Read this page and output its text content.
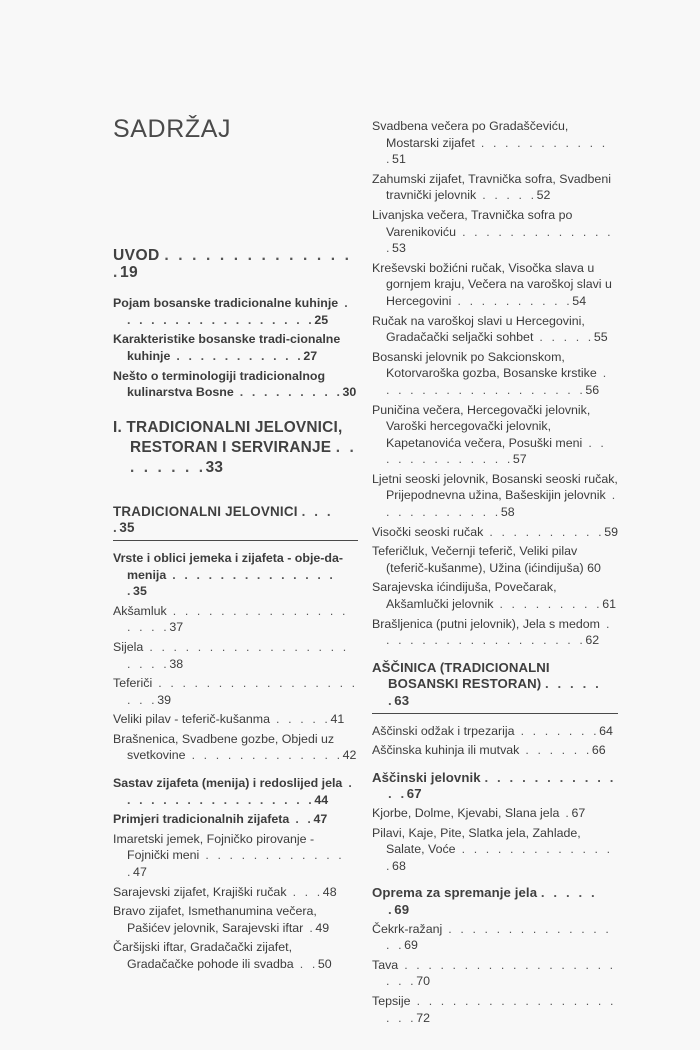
SADRŽAJ
UVOD . . . . . . . . . . . . . . .19
Pojam bosanske tradicionalne kuhinje . . . . . . . . . . . . . . . . .25
Karakteristike bosanske tradi-cionalne kuhinje . . . . . . . . . . .27
Nešto o terminologiji tradicionalnog kulinarstva Bosne . . . . . . . . .30
I. TRADICIONALNI JELOVNICI, RESTORAN I SERVIRANJE . . . . . . . .33
TRADICIONALNI JELOVNICI . . . .35
Vrste i oblici jemeka i zijafeta - obje-da-menija . . . . . . . . . . . . . . .35
Akšamluk . . . . . . . . . . . . . . . . . . .37
Sijela . . . . . . . . . . . . . . . . . . . . .38
Teferiči . . . . . . . . . . . . . . . . . . . .39
Veliki pilav - teferič-kušanma . . . . .41
Brašnenica, Svadbene gozbe, Objedi uz svetkovine . . . . . . . . . . . . .42
Sastav zijafeta (menija) i redoslijed jela . . . . . . . . . . . . . . . . .44
Primjeri tradicionalnih zijafeta . .47
Imaretski jemek, Fojničko pirovanje - Fojnički meni . . . . . . . . . . . . .47
Sarajevski zijafet, Krajiški ručak . . .48
Bravo zijafet, Ismethanumina večera, Pašićev jelovnik, Sarajevski iftar .49
Čaršijski iftar, Gradačački zijafet, Gradačačke pohode ili svadba . .50
Svadbena večera po Gradaščeviću, Mostarski zijafet . . . . . . . . . . . .51
Zahumski zijafet, Travnička sofra, Svadbeni travnički jelovnik . . . . .52
Livanjska večera, Travnička sofra po Varenikoviću . . . . . . . . . . . . . .53
Kreševski božićni ručak, Visočka slava u gornjem kraju, Večera na varoškoj slavi u Hercegovini . . . . . . . . . .54
Ručak na varoškoj slavi u Hercegovini, Gradačački seljački sohbet . . . . .55
Bosanski jelovnik po Sakcionskom, Kotorvaroška gozba, Bosanske krstike . . . . . . . . . . . . . . . . . .56
Puničina večera, Hercegovački jelovnik, Varoški hercegovački jelovnik, Kapetanovića večera, Posuški meni . . . . . . . . . . . . .57
Ljetni seoski jelovnik, Bosanski seoski ručak, Prijepodnevna užina, Bašeskijin jelovnik . . . . . . . . . . .58
Visočki seoski ručak . . . . . . . . . .59
Teferičluk, Večernji teferič, Veliki pilav (teferič-kušanme), Užina (ićindijuša) 60
Sarajevska ićindijuša, Povečarak, Akšamlučki jelovnik . . . . . . . . .61
Brašljenica (putni jelovnik), Jela s medom . . . . . . . . . . . . . . . . . .62
AŠČINICA (TRADICIONALNI BOSANSKI RESTORAN) . . . . . .63
Aščinski odžak i trpezarija . . . . . . .64
Aščinska kuhinja ili mutvak . . . . . .66
Aščinski jelovnik . . . . . . . . . . . . .67
Kjorbe, Dolme, Kjevabi, Slana jela .67
Pilavi, Kaje, Pite, Slatka jela, Zahlade, Salate, Voće . . . . . . . . . . . . . .68
Oprema za spremanje jela . . . . . .69
Čekrk-ražanj . . . . . . . . . . . . . . . .69
Tava . . . . . . . . . . . . . . . . . . . . .70
Tepsije . . . . . . . . . . . . . . . . . . . .72
